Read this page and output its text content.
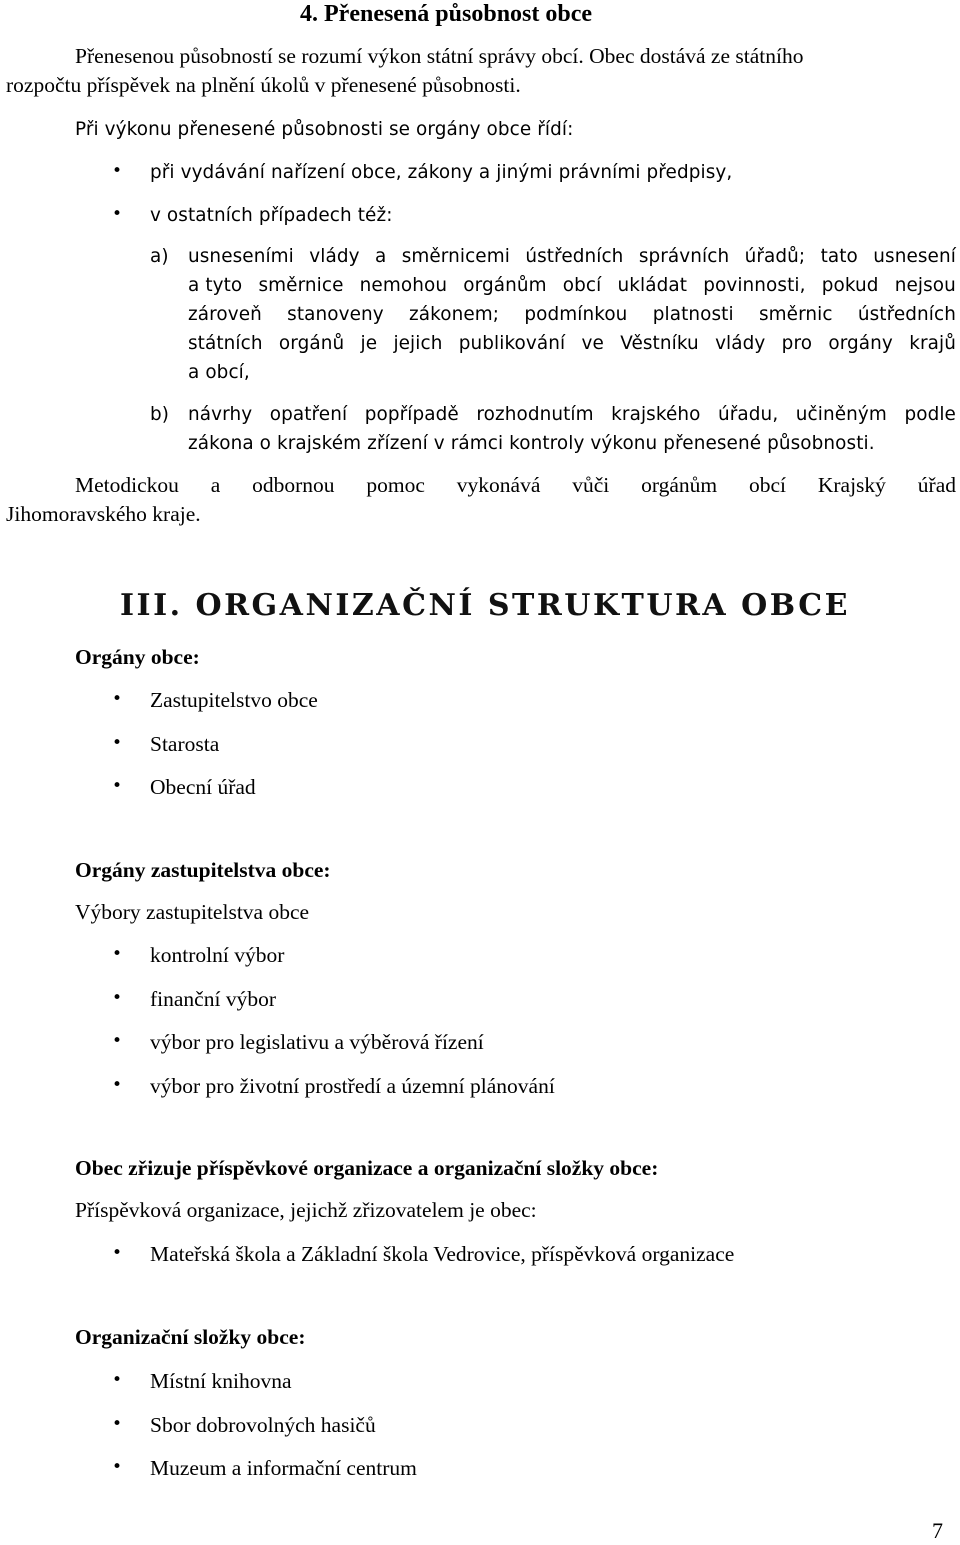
4. Přenesená působnost obce
Přenesenou působností se rozumí výkon státní správy obcí. Obec dostává ze státního
rozpočtu příspěvek na plnění úkolů v přenesené působnosti.
Při výkonu přenesené působnosti se orgány obce řídí:
• při vydávání nařízení obce, zákony a jinými právními předpisy,
• v ostatních případech též:
a) usneseními vlády a směrnicemi ústředních správních úřadů; tato usnesení
a tyto směrnice nemohou orgánům obcí ukládat povinnosti, pokud nejsou
zároveň stanoveny zákonem; podmínkou platnosti směrnic ústředních
státních orgánů je jejich publikování ve Věstníku vlády pro orgány krajů
a obcí,
b) návrhy opatření popřípadě rozhodnutím krajského úřadu, učiněným podle
zákona o krajském zřízení v rámci kontroly výkonu přenesené působnosti.
Metodickou a odbornou pomoc vykonává vůči orgánům obcí Krajský úřad
Jihomoravského kraje.
III. ORGANIZAČNÍ STRUKTURA OBCE
Orgány obce:
• Zastupitelstvo obce
• Starosta
• Obecní úřad
Orgány zastupitelstva obce:
Výbory zastupitelstva obce
• kontrolní výbor
• finanční výbor
• výbor pro legislativu a výběrová řízení
• výbor pro životní prostředí a územní plánování
Obec zřizuje příspěvkové organizace a organizační složky obce:
Příspěvková organizace, jejichž zřizovatelem je obec:
• Mateřská škola a Základní škola Vedrovice, příspěvková organizace
Organizační složky obce:
• Místní knihovna
• Sbor dobrovolných hasičů
• Muzeum a informační centrum
7
